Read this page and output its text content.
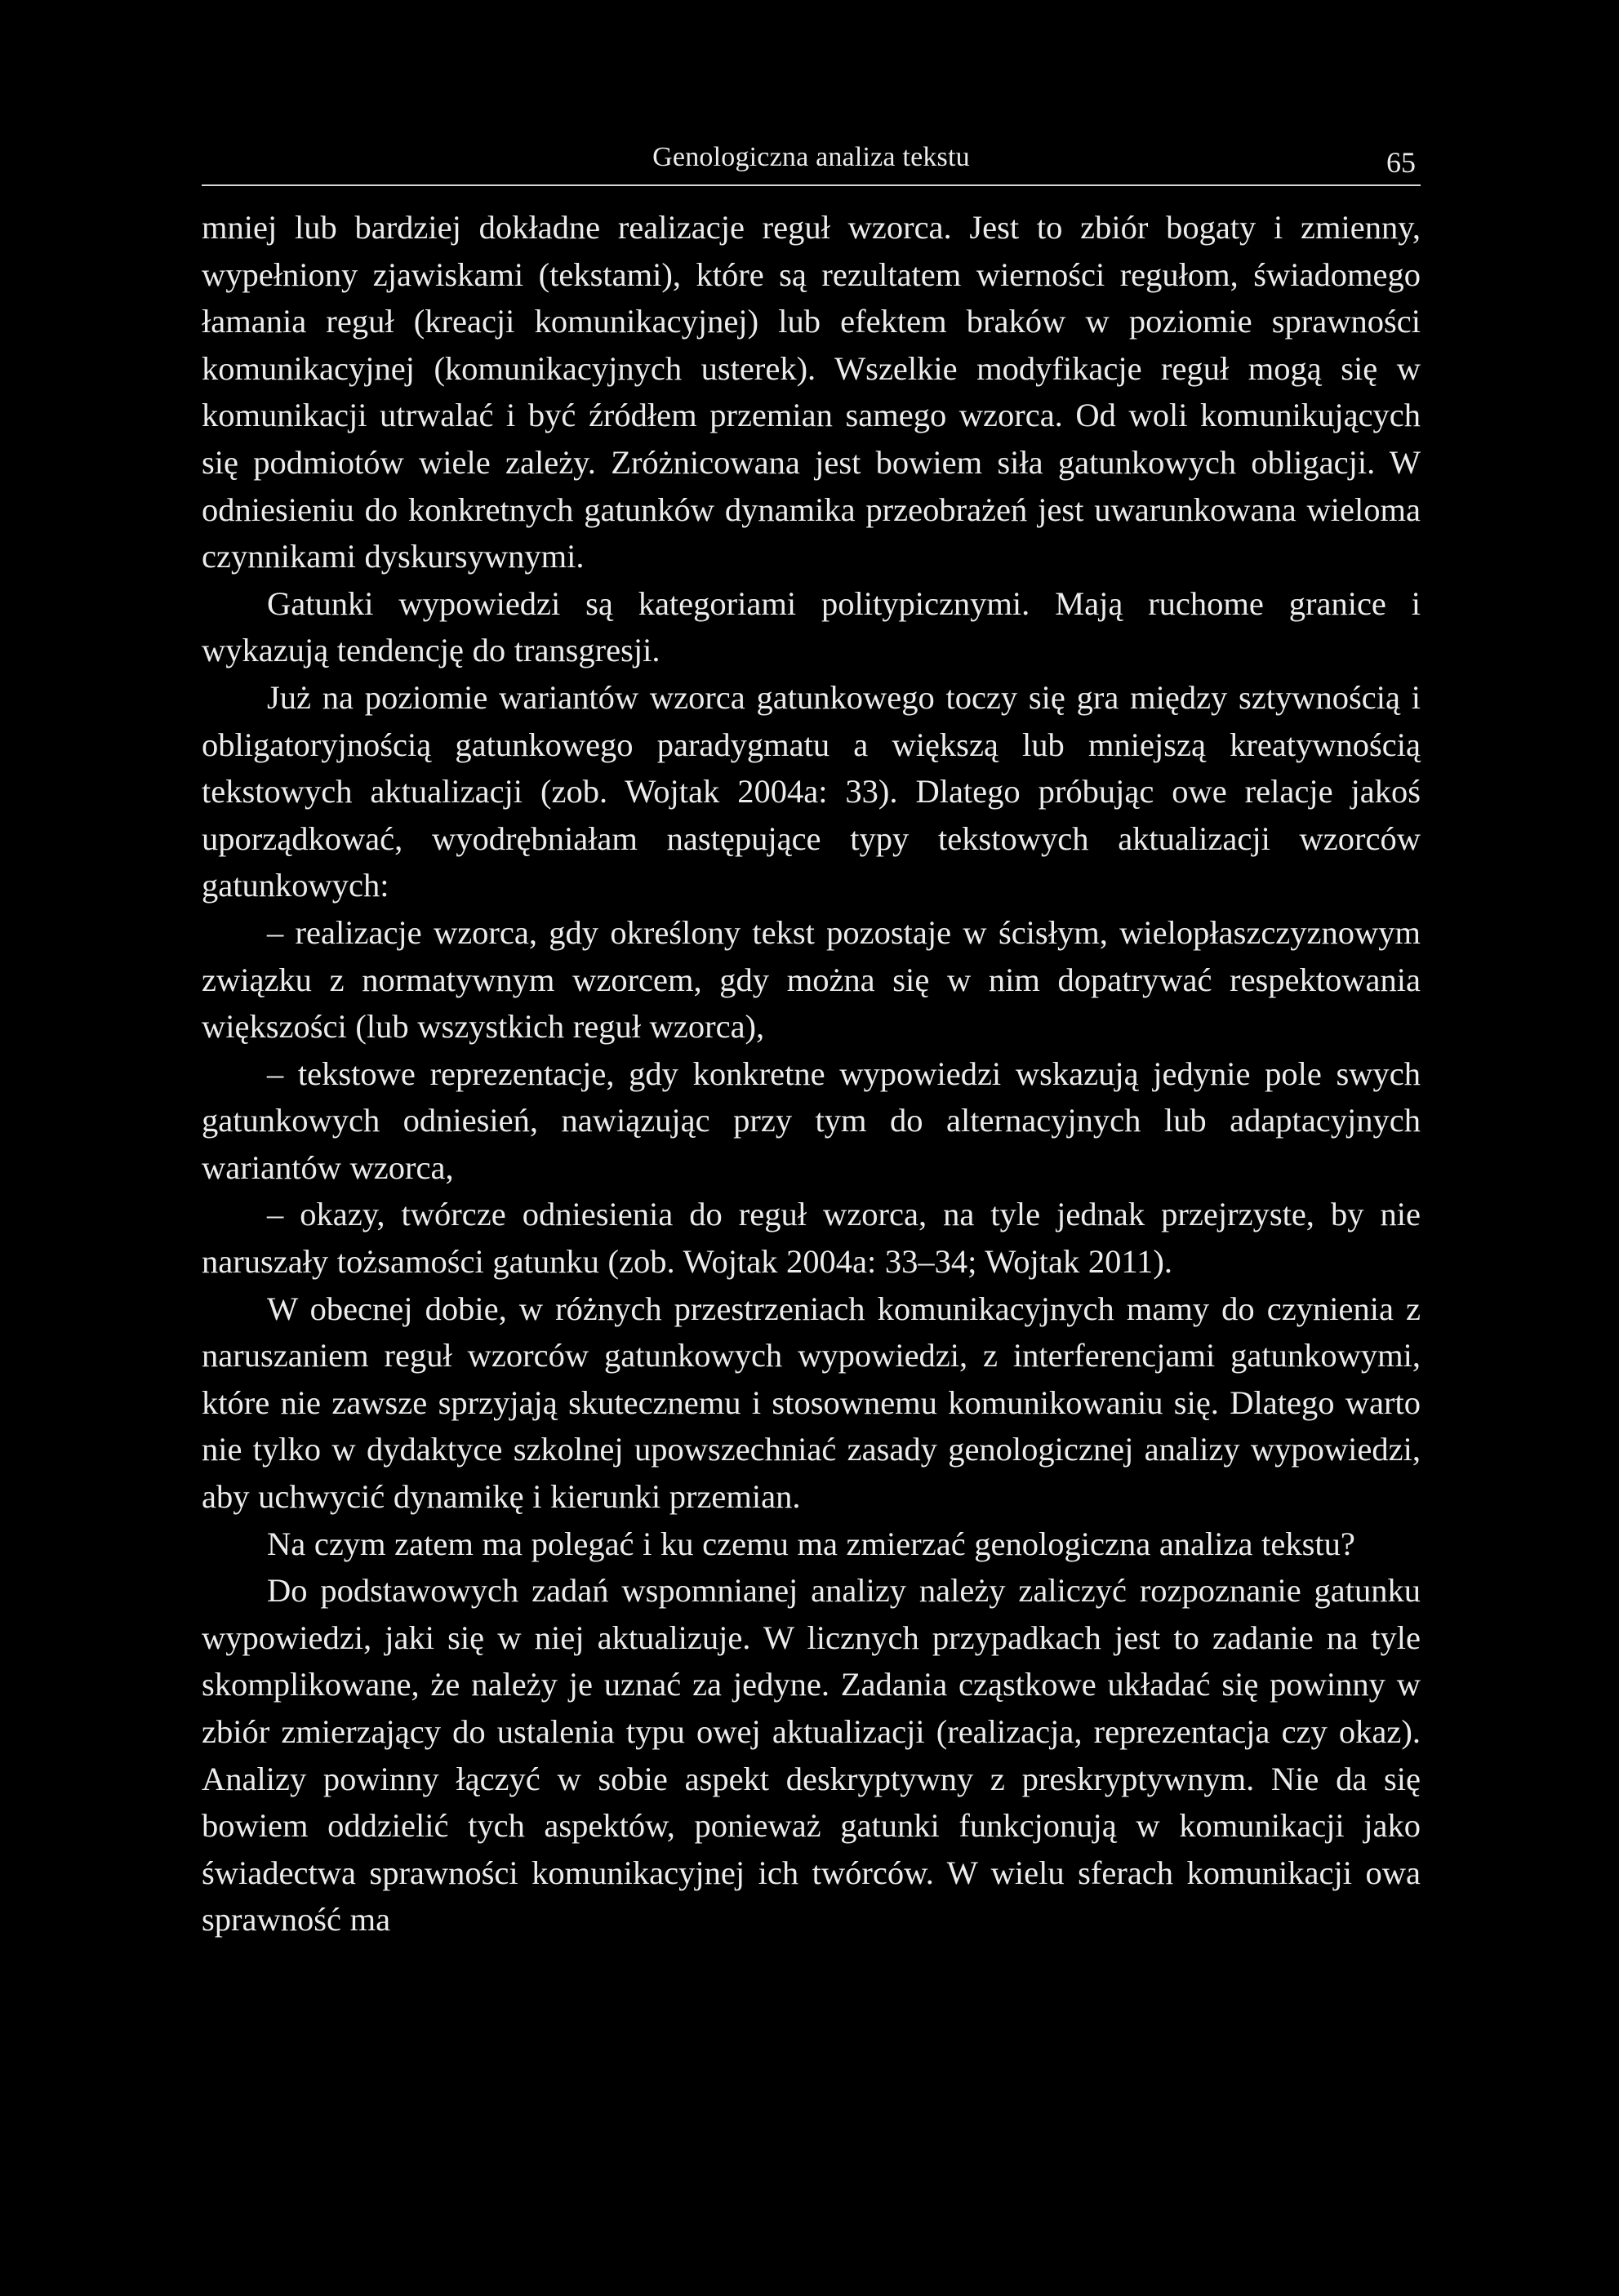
Genologiczna analiza tekstu	65

mniej lub bardziej dokładne realizacje reguł wzorca. Jest to zbiór bogaty i zmienny, wypełniony zjawiskami (tekstami), które są rezultatem wierności regułom, świadomego łamania reguł (kreacji komunikacyjnej) lub efektem braków w poziomie sprawności komunikacyjnej (komunikacyjnych usterek). Wszelkie modyfikacje reguł mogą się w komunikacji utrwalać i być źródłem przemian samego wzorca. Od woli komunikujących się podmiotów wiele zależy. Zróżnicowana jest bowiem siła gatunkowych obligacji. W odniesieniu do konkretnych gatunków dynamika przeobrażeń jest uwarunkowana wieloma czynnikami dyskursywnymi.

Gatunki wypowiedzi są kategoriami politypicznymi. Mają ruchome granice i wykazują tendencję do transgresji.

Już na poziomie wariantów wzorca gatunkowego toczy się gra między sztywnością i obligatoryjnością gatunkowego paradygmatu a większą lub mniejszą kreatywnością tekstowych aktualizacji (zob. Wojtak 2004a: 33). Dlatego próbując owe relacje jakoś uporządkować, wyodrębniałam następujące typy tekstowych aktualizacji wzorców gatunkowych:

– realizacje wzorca, gdy określony tekst pozostaje w ścisłym, wielopłaszczyznowym związku z normatywnym wzorcem, gdy można się w nim dopatrywać respektowania większości (lub wszystkich reguł wzorca),

– tekstowe reprezentacje, gdy konkretne wypowiedzi wskazują jedynie pole swych gatunkowych odniesień, nawiązując przy tym do alternacyjnych lub adaptacyjnych wariantów wzorca,

– okazy, twórcze odniesienia do reguł wzorca, na tyle jednak przejrzyste, by nie naruszały tożsamości gatunku (zob. Wojtak 2004a: 33–34; Wojtak 2011).

W obecnej dobie, w różnych przestrzeniach komunikacyjnych mamy do czynienia z naruszaniem reguł wzorców gatunkowych wypowiedzi, z interferencjami gatunkowymi, które nie zawsze sprzyjają skutecznemu i stosownemu komunikowaniu się. Dlatego warto nie tylko w dydaktyce szkolnej upowszechniać zasady genologicznej analizy wypowiedzi, aby uchwycić dynamikę i kierunki przemian.

Na czym zatem ma polegać i ku czemu ma zmierzać genologiczna analiza tekstu?

Do podstawowych zadań wspomnianej analizy należy zaliczyć rozpoznanie gatunku wypowiedzi, jaki się w niej aktualizuje. W licznych przypadkach jest to zadanie na tyle skomplikowane, że należy je uznać za jedyne. Zadania cząstkowe układać się powinny w zbiór zmierzający do ustalenia typu owej aktualizacji (realizacja, reprezentacja czy okaz). Analizy powinny łączyć w sobie aspekt deskryptywny z preskryptywnym. Nie da się bowiem oddzielić tych aspektów, ponieważ gatunki funkcjonują w komunikacji jako świadectwa sprawności komunikacyjnej ich twórców. W wielu sferach komunikacji owa sprawność ma
